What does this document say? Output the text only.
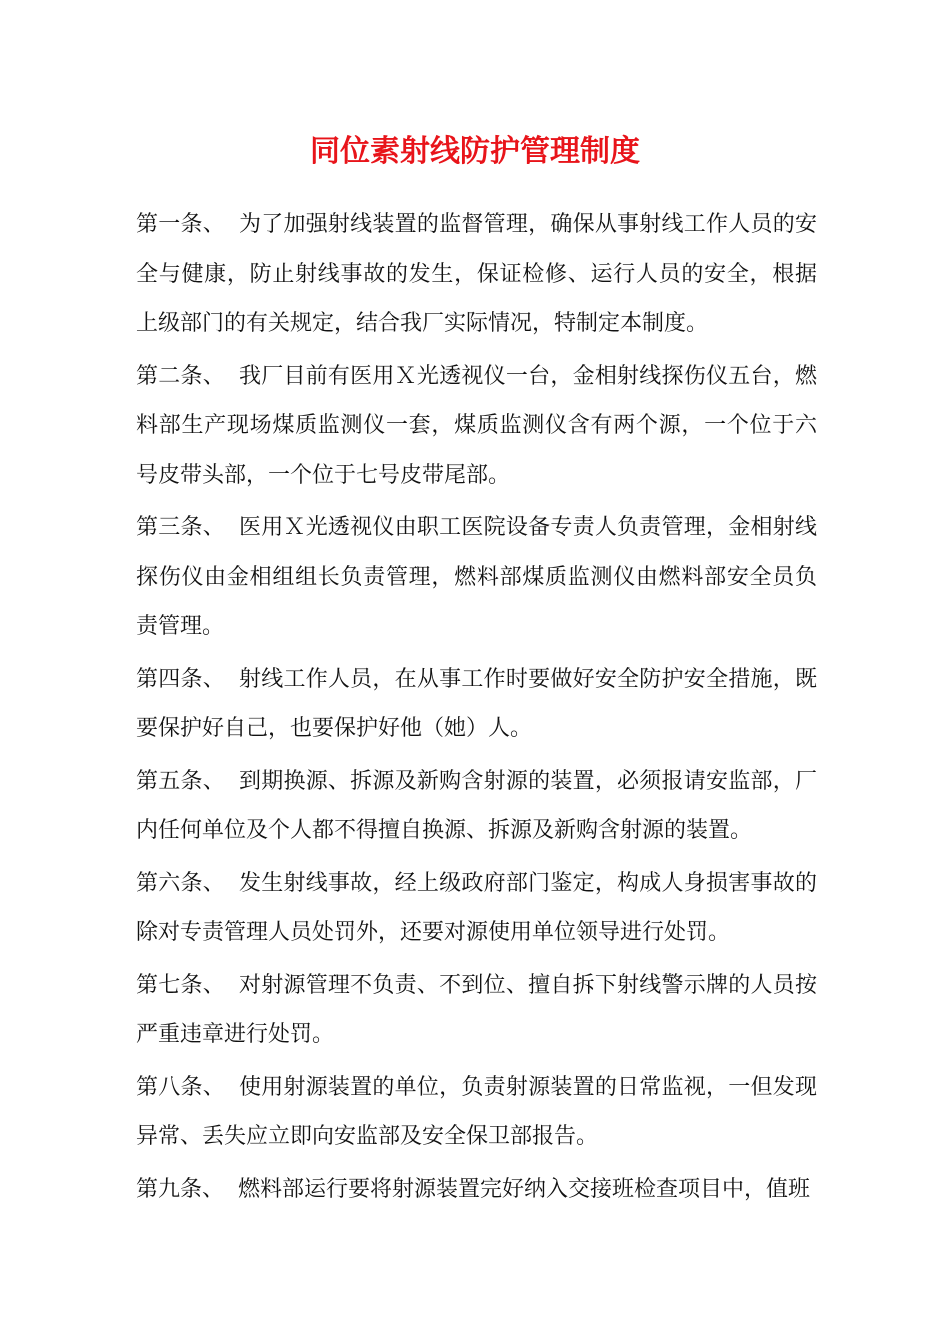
同位素射线防护管理制度

第一条、 为了加强射线装置的监督管理，确保从事射线工作人员的安全与健康，防止射线事故的发生，保证检修、运行人员的安全，根据上级部门的有关规定，结合我厂实际情况，特制定本制度。

第二条、 我厂目前有医用Ｘ光透视仪一台，金相射线探伤仪五台，燃料部生产现场煤质监测仪一套，煤质监测仪含有两个源，一个位于六号皮带头部，一个位于七号皮带尾部。

第三条、 医用Ｘ光透视仪由职工医院设备专责人负责管理，金相射线探伤仪由金相组组长负责管理，燃料部煤质监测仪由燃料部安全员负责管理。

第四条、 射线工作人员，在从事工作时要做好安全防护安全措施，既要保护好自己，也要保护好他（她）人。

第五条、 到期换源、拆源及新购含射源的装置，必须报请安监部，厂内任何单位及个人都不得擅自换源、拆源及新购含射源的装置。

第六条、 发生射线事故，经上级政府部门鉴定，构成人身损害事故的除对专责管理人员处罚外，还要对源使用单位领导进行处罚。

第七条、 对射源管理不负责、不到位、擅自拆下射线警示牌的人员按严重违章进行处罚。

第八条、 使用射源装置的单位，负责射源装置的日常监视，一但发现异常、丢失应立即向安监部及安全保卫部报告。

第九条、 燃料部运行要将射源装置完好纳入交接班检查项目中，值班
